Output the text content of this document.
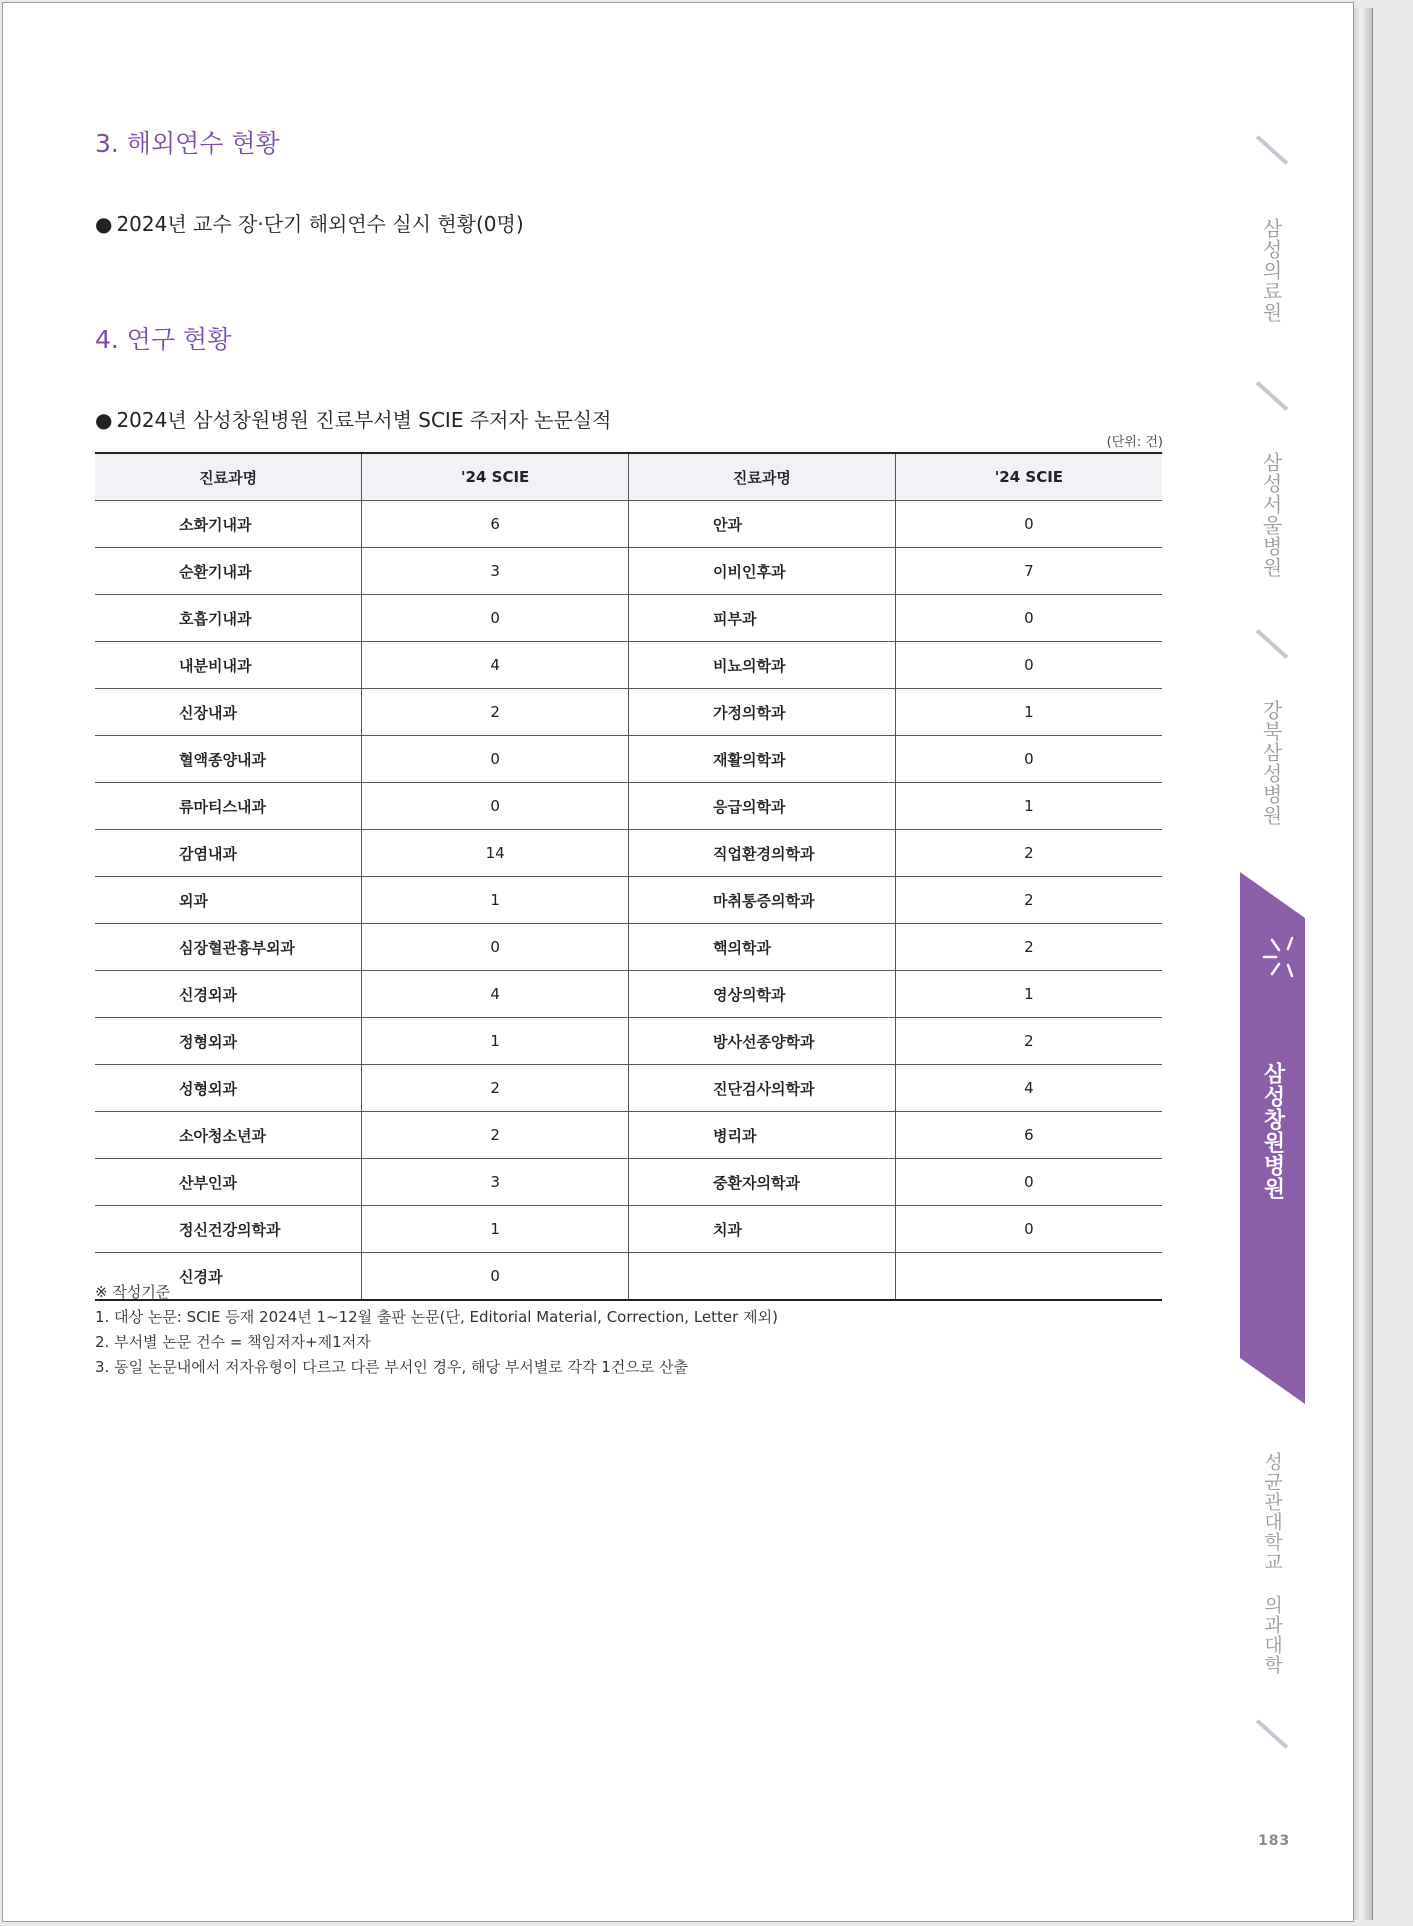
3. 해외연수 현황

● 2024년 교수 장·단기 해외연수 실시 현황(0명)

4. 연구 현황

● 2024년 삼성창원병원 진료부서별 SCIE 주저자 논문실적

(단위: 건)
진료과명	'24 SCIE	진료과명	'24 SCIE
소화기내과	6	안과	0
순환기내과	3	이비인후과	7
호흡기내과	0	피부과	0
내분비내과	4	비뇨의학과	0
신장내과	2	가정의학과	1
혈액종양내과	0	재활의학과	0
류마티스내과	0	응급의학과	1
감염내과	14	직업환경의학과	2
외과	1	마취통증의학과	2
심장혈관흉부외과	0	핵의학과	2
신경외과	4	영상의학과	1
정형외과	1	방사선종양학과	2
성형외과	2	진단검사의학과	4
소아청소년과	2	병리과	6
산부인과	3	중환자의학과	0
정신건강의학과	1	치과	0
신경과	0		
※ 작성기준
1. 대상 논문: SCIE 등재 2024년 1~12월 출판 논문(단, Editorial Material, Correction, Letter 제외)
2. 부서별 논문 건수 = 책임저자+제1저자
3. 동일 논문내에서 저자유형이 다르고 다른 부서인 경우, 해당 부서별로 각각 1건으로 산출
삼성의료원
삼성서울병원
강북삼성병원
삼성창원병원
성균관대학교 의과대학
183
